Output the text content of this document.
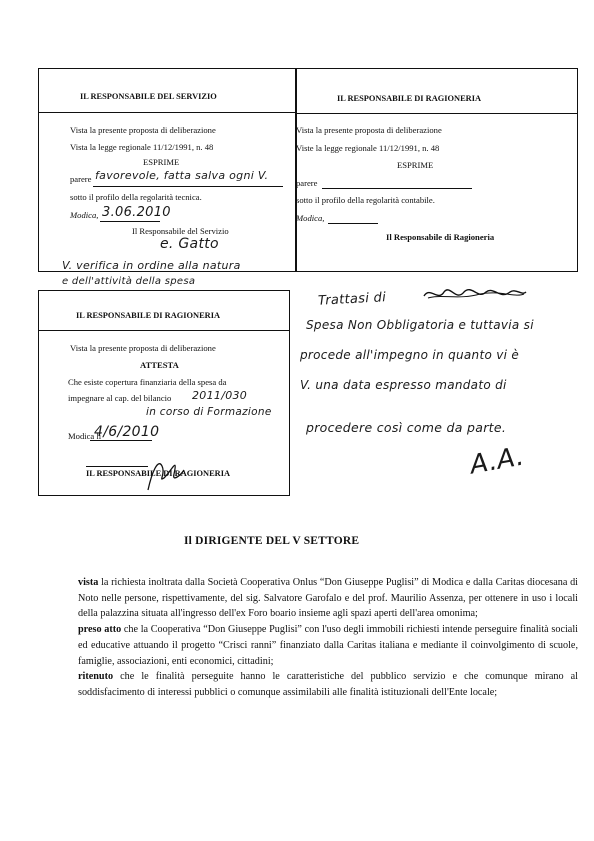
IL RESPONSABILE DEL SERVIZIO
Vista la presente proposta di deliberazione
Vista la legge regionale 11/12/1991, n. 48
ESPRIME
parere favorevole, fatta salva ogni V.
sotto il profilo della regolarità tecnica.
Modica, 3.06.2010
Il Responsabile del Servizio
e. Gatto
V. verifica in ordine alla natura
e dell'attività della spesa
IL RESPONSABILE DI RAGIONERIA
Vista la presente proposta di deliberazione
Viste la legge regionale 11/12/1991, n. 48
ESPRIME
parere
sotto il profilo della regolarità contabile.
Modica,
Il Responsabile di Ragioneria
IL RESPONSABILE DI RAGIONERIA
Vista la presente proposta di deliberazione
ATTESTA
Che esiste copertura finanziaria della spesa da
impegnare al cap. del bilancio 2011/030
in corso di Formazione
Modica li
4/6/2010
IL RESPONSABILE DI RAGIONERIA
Trattasi di
Spesa Non Obbligatoria e tuttavia si
procede all'impegno in quanto vi è
V. una data espresso mandato di
procedere così come da parte.
A.A.
Il DIRIGENTE DEL V SETTORE

vista la richiesta inoltrata dalla Società Cooperativa Onlus “Don Giuseppe Puglisi” di Modica e dalla Caritas diocesana di Noto nelle persone, rispettivamente, del sig. Salvatore Garofalo e del prof. Maurilio Assenza, per ottenere in uso i locali della palazzina situata all'ingresso dell'ex Foro boario insieme agli spazi aperti dell'area omonima;

preso atto che la Cooperativa “Don Giuseppe Puglisi” con l'uso degli immobili richiesti intende perseguire finalità sociali ed educative attuando il progetto “Crisci ranni” finanziato dalla Caritas italiana e mediante il coinvolgimento di scuole, famiglie, associazioni, enti economici, cittadini;

ritenuto che le finalità perseguite hanno le caratteristiche del pubblico servizio e che comunque mirano al soddisfacimento di interessi pubblici o comunque assimilabili alle finalità istituzionali dell'Ente locale;
